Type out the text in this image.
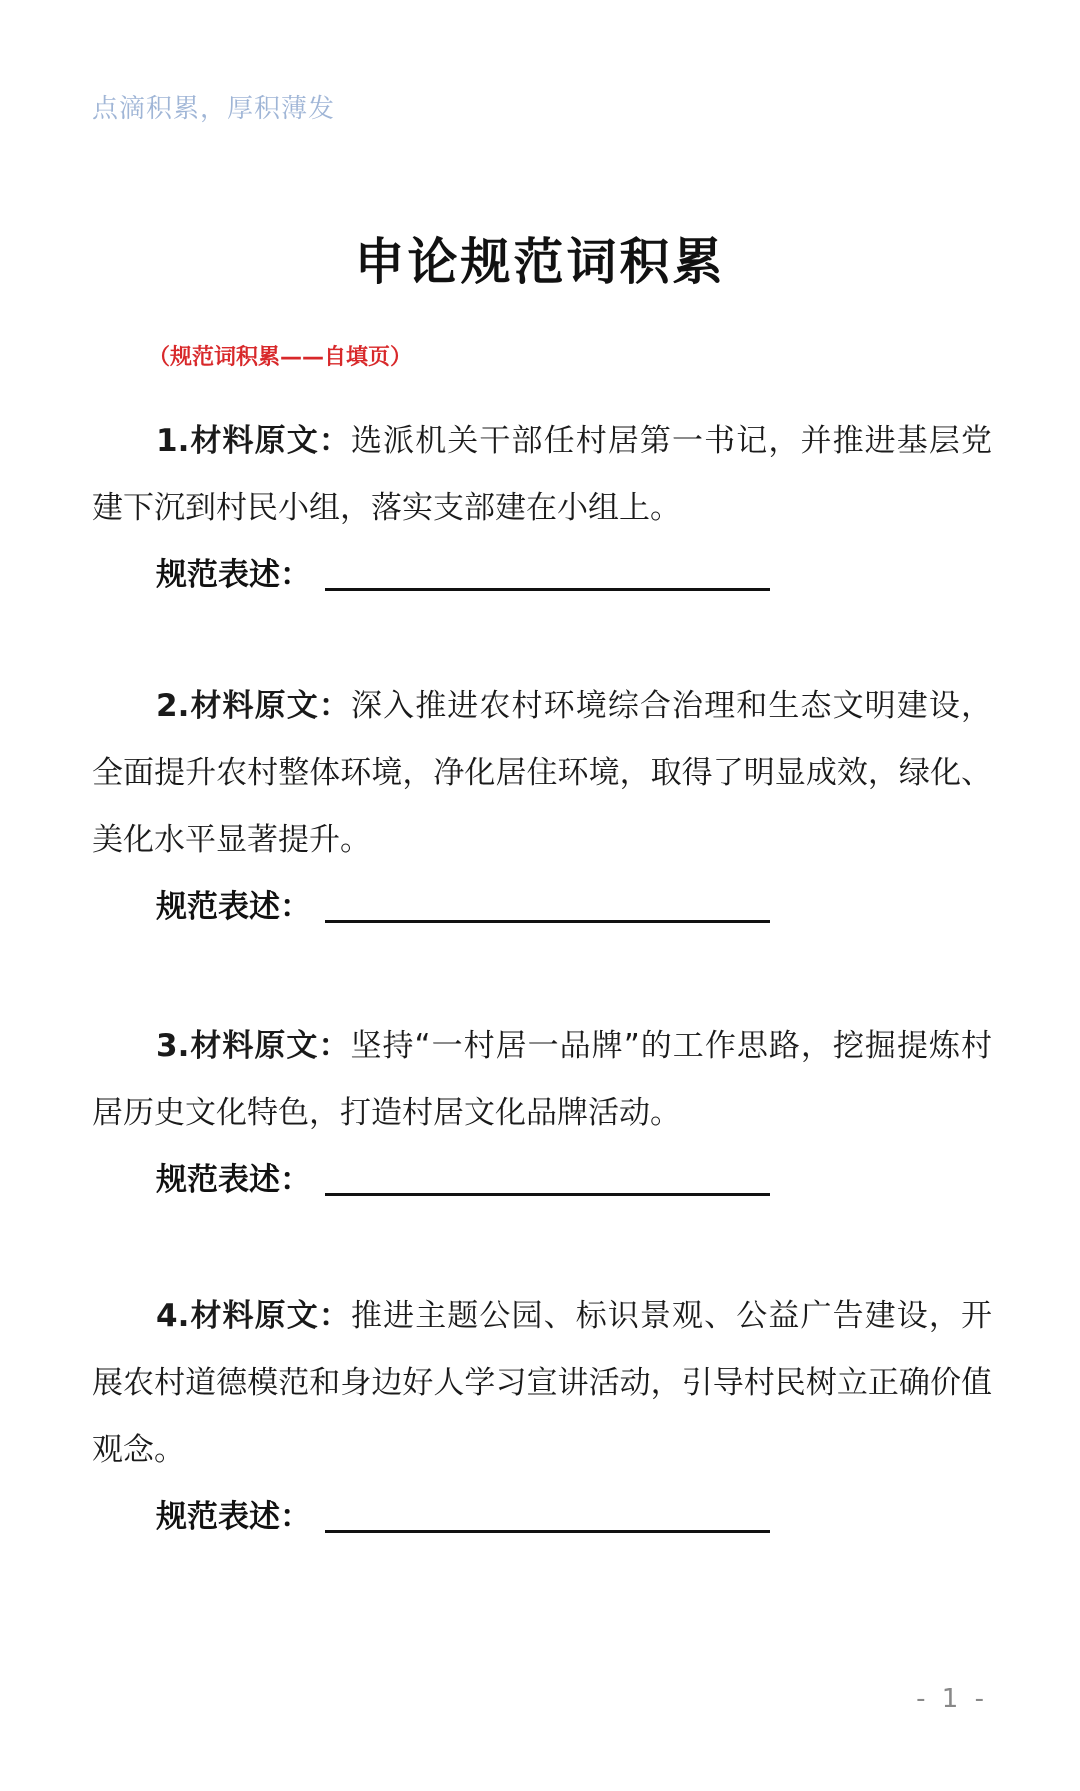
点滴积累，厚积薄发
申论规范词积累
（规范词积累——自填页）

1.材料原文：选派机关干部任村居第一书记，并推进基层党建下沉到村民小组，落实支部建在小组上。

规范表述：

2.材料原文：深入推进农村环境综合治理和生态文明建设，全面提升农村整体环境，净化居住环境，取得了明显成效，绿化、美化水平显著提升。

规范表述：

3.材料原文：坚持“一村居一品牌”的工作思路，挖掘提炼村居历史文化特色，打造村居文化品牌活动。

规范表述：

4.材料原文：推进主题公园、标识景观、公益广告建设，开展农村道德模范和身边好人学习宣讲活动，引导村民树立正确价值观念。

规范表述：
- 1 -
